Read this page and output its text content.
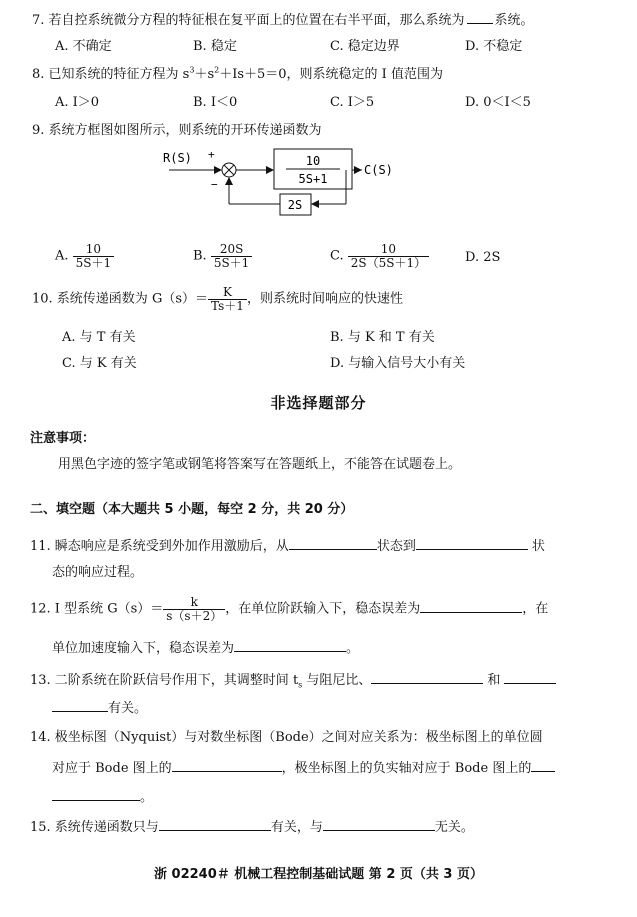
7. 若自控系统微分方程的特征根在复平面上的位置在右半平面，那么系统为 系统。
A. 不确定	B. 稳定	C. 稳定边界	D. 不稳定
8. 已知系统的特征方程为 $s^3+s^2+Is+5=0$，则系统稳定的 I 值范围为
A. I＞0	B. I＜0	C. I＞5	D. 0＜I＜5
9. 系统方框图如图所示，则系统的开环传递函数为
R(S) +
−
10
5S+1
C(S)
2S
A. $\frac{10}{5S+1}$	B. $\frac{20S}{5S+1}$	C. $\frac{10}{2S(5S+1)}$	D. 2S
10. 系统传递函数为 $G(s)= \frac{K}{Ts+1}$ ，则系统时间响应的快速性
A. 与 T 有关	B. 与 K 和 T 有关
C. 与 K 有关	D. 与输入信号大小有关
非选择题部分
注意事项：
用黑色字迹的签字笔或钢笔将答案写在答题纸上，不能答在试题卷上。
二、填空题（本大题共 5 小题，每空 2 分，共 20 分）
11. 瞬态响应是系统受到外加作用激励后，从	状态到	状
态的响应过程。
12. I 型系统 $G(s)= \frac{k}{s(s+2)}$ ，在单位阶跃输入下，稳态误差为	，在
单位加速度输入下，稳态误差为	。
13. 二阶系统在阶跃信号作用下，其调整时间 $t_s$ 与阻尼比、	和
有关。
14. 极坐标图（Nyquist）与对数坐标图（Bode）之间对应关系为：极坐标图上的单位圆
对应于 Bode 图上的	，极坐标图上的负实轴对应于 Bode 图上的
。
15. 系统传递函数只与	有关，与	无关。
浙 02240＃ 机械工程控制基础试题 第 2 页（共 3 页）
